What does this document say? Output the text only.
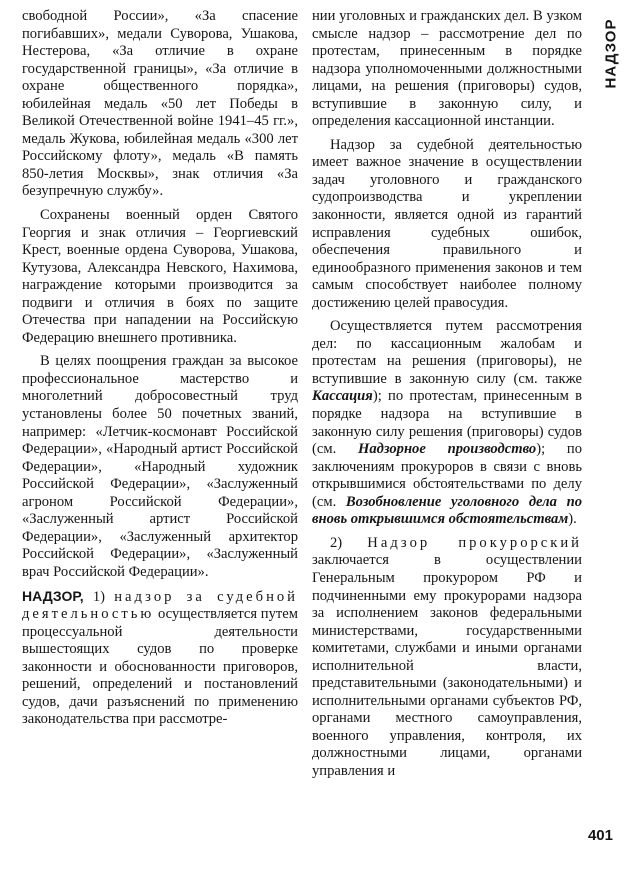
свободной России», «За спасение погибавших», медали Суворова, Ушакова, Нестерова, «За отличие в охране государственной границы», «За отличие в охране общественного порядка», юбилейная медаль «50 лет Победы в Великой Отечественной войне 1941–45 гг.», медаль Жукова, юбилейная медаль «300 лет Российскому флоту», медаль «В память 850-летия Москвы», знак отличия «За безупречную службу».

Сохранены военный орден Святого Георгия и знак отличия – Георгиевский Крест, военные ордена Суворова, Ушакова, Кутузова, Александра Невского, Нахимова, награждение которыми производится за подвиги и отличия в боях по защите Отечества при нападении на Российскую Федерацию внешнего противника.

В целях поощрения граждан за высокое профессиональное мастерство и многолетний добросовестный труд установлены более 50 почетных званий, например: «Летчик-космонавт Российской Федерации», «Народный артист Российской Федерации», «Народный художник Российской Федерации», «Заслуженный агроном Российской Федерации», «Заслуженный артист Российской Федерации», «Заслуженный архитектор Российской Федерации», «Заслуженный врач Российской Федерации».

НАДЗОР, 1) надзор за судебной деятельностью осуществляется путем процессуальной деятельности вышестоящих судов по проверке законности и обоснованности приговоров, решений, определений и постановлений судов, дачи разъяснений по применению законодательства при рассмотре-

нии уголовных и гражданских дел. В узком смысле надзор – рассмотрение дел по протестам, принесенным в порядке надзора уполномоченными должностными лицами, на решения (приговоры) судов, вступившие в законную силу, и определения кассационной инстанции.

Надзор за судебной деятельностью имеет важное значение в осуществлении задач уголовного и гражданского судопроизводства и укреплении законности, является одной из гарантий исправления судебных ошибок, обеспечения правильного и единообразного применения законов и тем самым способствует наиболее полному достижению целей правосудия.

Осуществляется путем рассмотрения дел: по кассационным жалобам и протестам на решения (приговоры), не вступившие в законную силу (см. также Кассация); по протестам, принесенным в порядке надзора на вступившие в законную силу решения (приговоры) судов (см. Надзорное производство); по заключениям прокуроров в связи с вновь открывшимися обстоятельствами по делу (см. Возобновление уголовного дела по вновь открывшимся обстоятельствам).

2) Надзор прокурорский заключается в осуществлении Генеральным прокурором РФ и подчиненными ему прокурорами надзора за исполнением законов федеральными министерствами, государственными комитетами, службами и иными органами исполнительной власти, представительными (законодательными) и исполнительными органами субъектов РФ, органами местного самоуправления, военного управления, контроля, их должностными лицами, органами управления и

НАДЗОР
401
